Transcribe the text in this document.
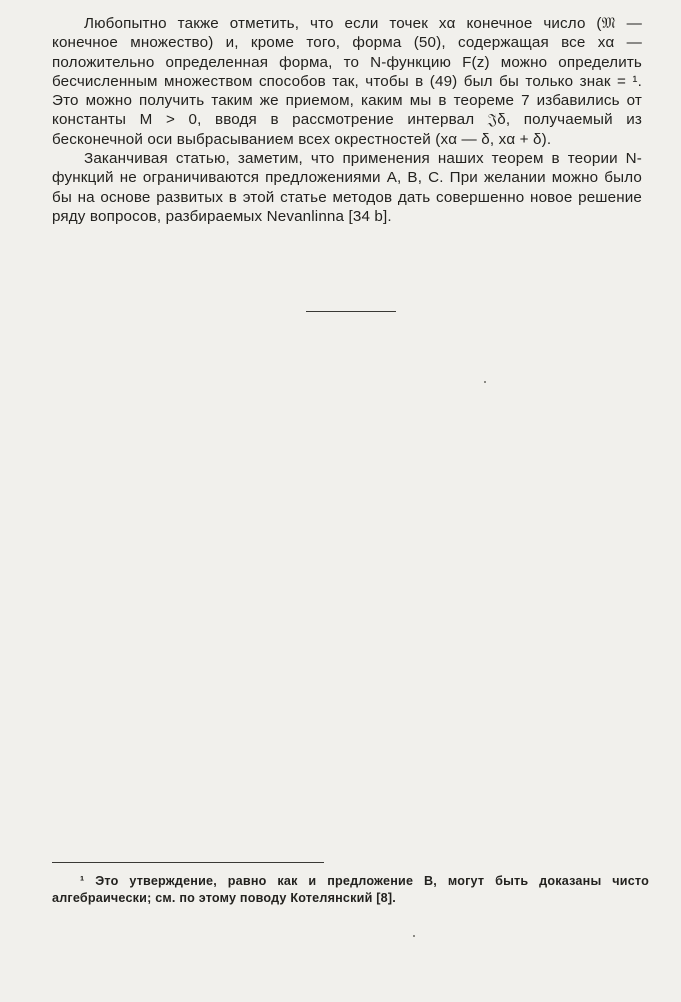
Любопытно также отметить, что если точек xα конечное число (𝔐 — конечное множество) и, кроме того, форма (50), содержащая все xα — положительно определенная форма, то N-функцию F(z) можно определить бесчисленным множеством способов так, чтобы в (49) был бы только знак = ¹. Это можно получить таким же приемом, каким мы в теореме 7 избавились от константы M > 0, вводя в рассмотрение интервал 𝔍δ, получаемый из бесконечной оси выбрасыванием всех окрестностей (xα — δ, xα + δ).

Заканчивая статью, заметим, что применения наших теорем в теории N-функций не ограничиваются предложениями A, B, C. При желании можно было бы на основе развитых в этой статье методов дать совершенно новое решение ряду вопросов, разбираемых Nevanlinna [34 b].

¹ Это утверждение, равно как и предложение B, могут быть доказаны чисто алгебраически; см. по этому поводу Котелянский [8].
